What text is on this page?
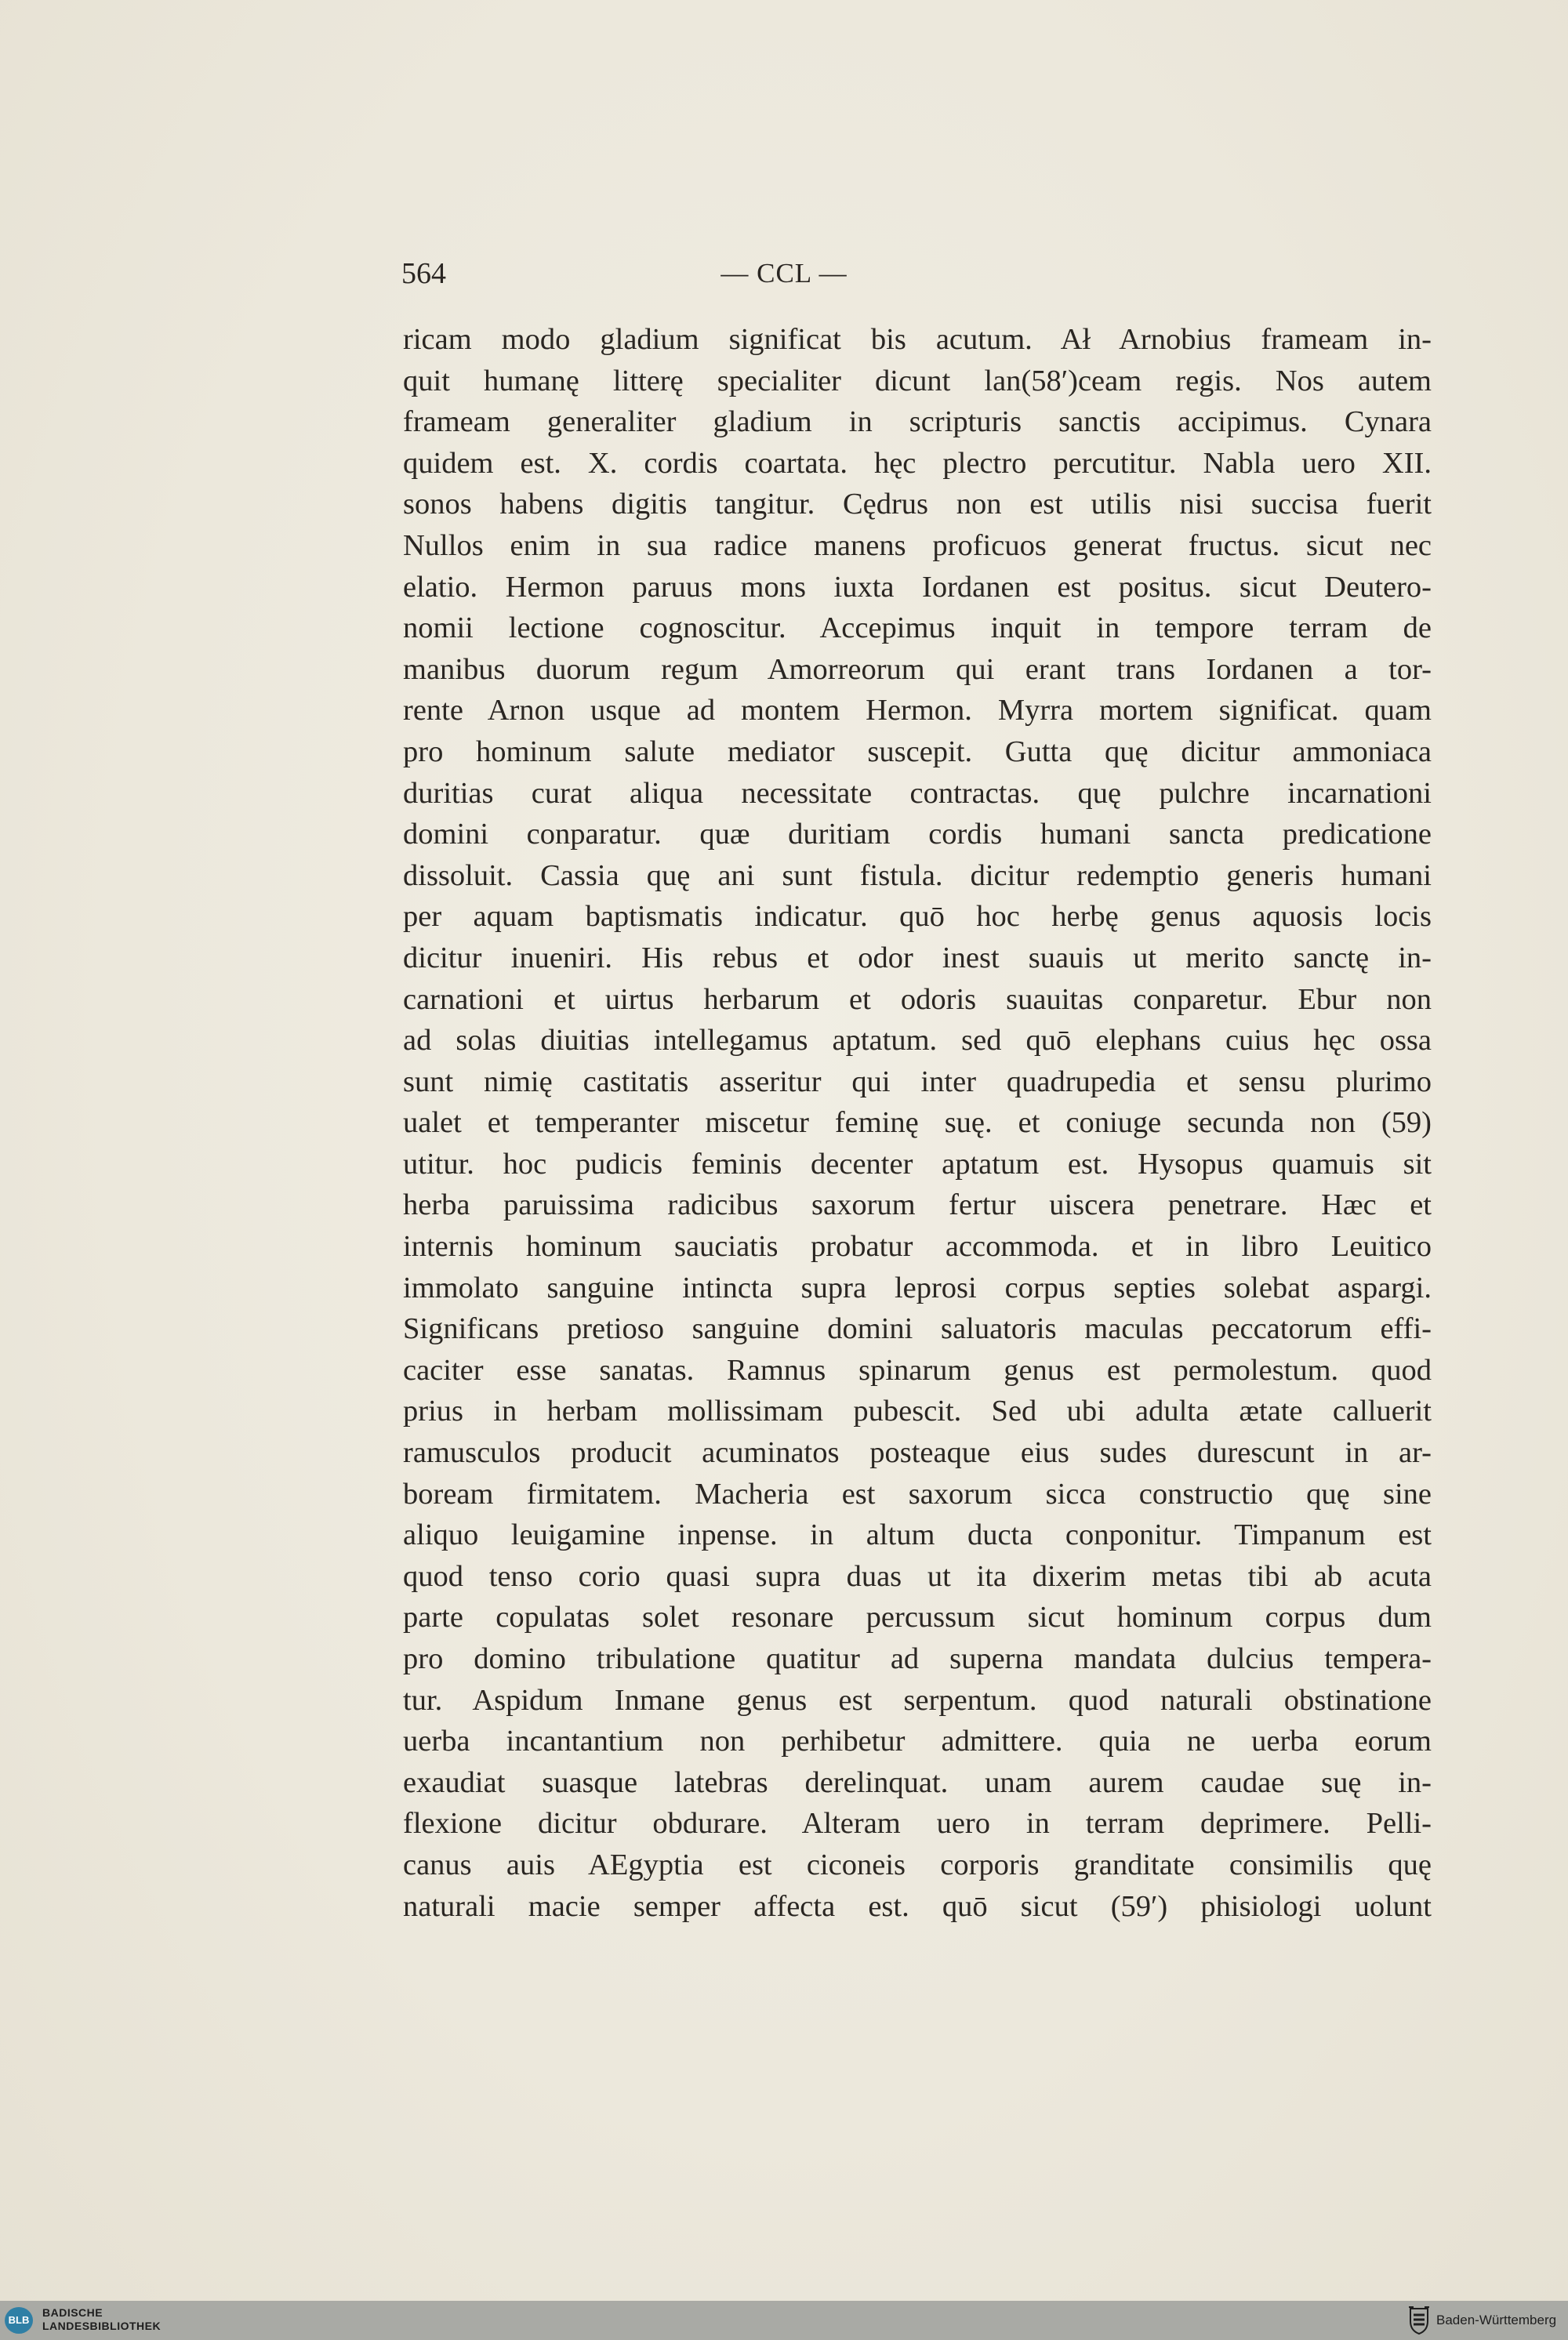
564	— CCL —

ricam modo gladium significat bis acutum. Ał Arnobius frameam in-
quit humanę litterę specialiter dicunt lan(58′)ceam regis. Nos autem
frameam generaliter gladium in scripturis sanctis accipimus. Cynara
quidem est. X. cordis coartata. hęc plectro percutitur. Nabla uero XII.
sonos habens digitis tangitur. Cędrus non est utilis nisi succisa fuerit
Nullos enim in sua radice manens proficuos generat fructus. sicut nec
elatio. Hermon paruus mons iuxta Iordanen est positus. sicut Deutero-
nomii lectione cognoscitur. Accepimus inquit in tempore terram de
manibus duorum regum Amorreorum qui erant trans Iordanen a tor-
rente Arnon usque ad montem Hermon. Myrra mortem significat. quam
pro hominum salute mediator suscepit. Gutta quę dicitur ammoniaca
duritias curat aliqua necessitate contractas. quę pulchre incarnationi
domini conparatur. quæ duritiam cordis humani sancta predicatione
dissoluit. Cassia quę ani sunt fistula. dicitur redemptio generis humani
per aquam baptismatis indicatur. quō hoc herbę genus aquosis locis
dicitur inueniri. His rebus et odor inest suauis ut merito sanctę in-
carnationi et uirtus herbarum et odoris suauitas conparetur. Ebur non
ad solas diuitias intellegamus aptatum. sed quō elephans cuius hęc ossa
sunt nimię castitatis asseritur qui inter quadrupedia et sensu plurimo
ualet et temperanter miscetur feminę suę. et coniuge secunda non (59)
utitur. hoc pudicis feminis decenter aptatum est. Hysopus quamuis sit
herba paruissima radicibus saxorum fertur uiscera penetrare. Hæc et
internis hominum sauciatis probatur accommoda. et in libro Leuitico
immolato sanguine intincta supra leprosi corpus septies solebat aspargi.
Significans pretioso sanguine domini saluatoris maculas peccatorum effi-
caciter esse sanatas. Ramnus spinarum genus est permolestum. quod
prius in herbam mollissimam pubescit. Sed ubi adulta ætate calluerit
ramusculos producit acuminatos posteaque eius sudes durescunt in ar-
boream firmitatem. Macheria est saxorum sicca constructio quę sine
aliquo leuigamine inpense. in altum ducta conponitur. Timpanum est
quod tenso corio quasi supra duas ut ita dixerim metas tibi ab acuta
parte copulatas solet resonare percussum sicut hominum corpus dum
pro domino tribulatione quatitur ad superna mandata dulcius tempera-
tur. Aspidum Inmane genus est serpentum. quod naturali obstinatione
uerba incantantium non perhibetur admittere. quia ne uerba eorum
exaudiat suasque latebras derelinquat. unam aurem caudae suę in-
flexione dicitur obdurare. Alteram uero in terram deprimere. Pelli-
canus auis AEgyptia est ciconeis corporis granditate consimilis quę
naturali macie semper affecta est. quō sicut (59′) phisiologi uolunt
BLB
BADISCHE
LANDESBIBLIOTHEK	Baden-Württemberg
